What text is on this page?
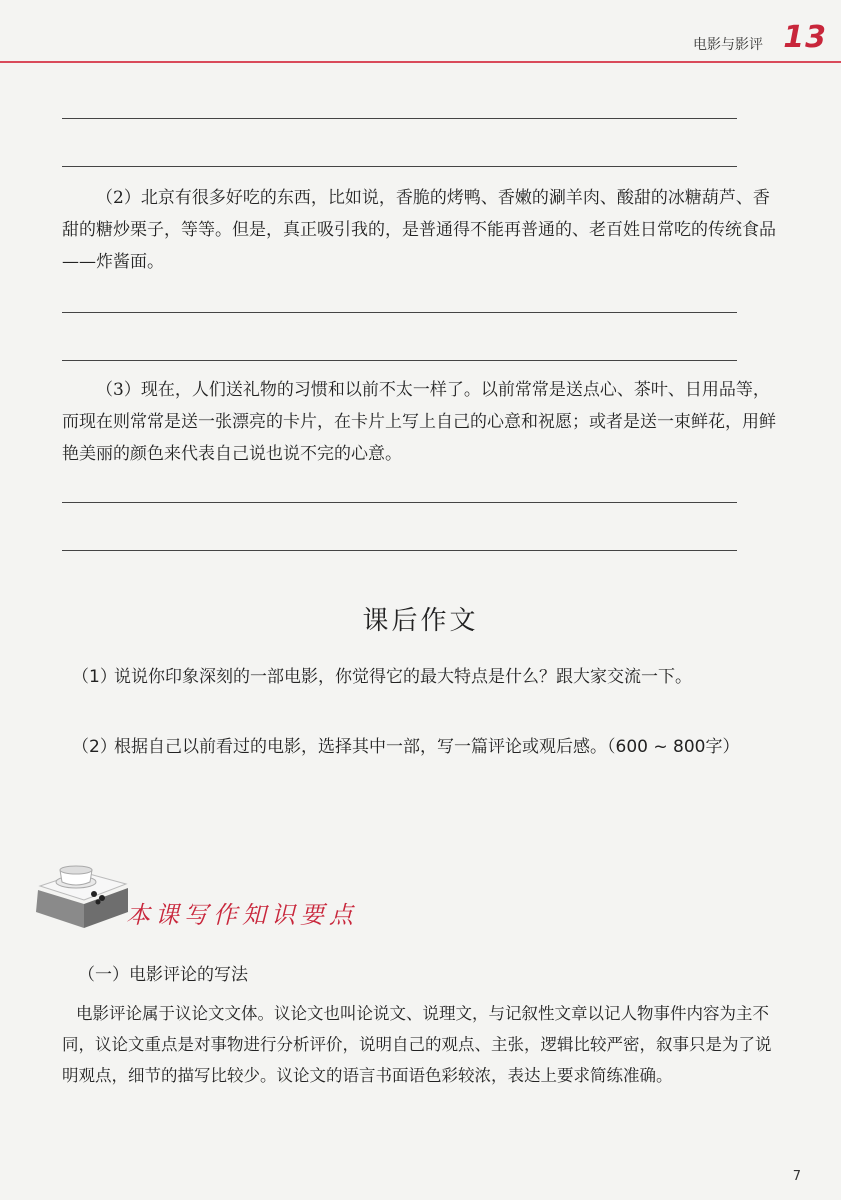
电影与影评 13

（2）北京有很多好吃的东西，比如说，香脆的烤鸭、香嫩的涮羊肉、酸甜的冰糖葫芦、香甜的糖炒栗子，等等。但是，真正吸引我的，是普通得不能再普通的、老百姓日常吃的传统食品——炸酱面。

（3）现在，人们送礼物的习惯和以前不太一样了。以前常常是送点心、茶叶、日用品等，而现在则常常是送一张漂亮的卡片，在卡片上写上自己的心意和祝愿；或者是送一束鲜花，用鲜艳美丽的颜色来代表自己说也说不完的心意。

课后作文
（1）
说说你印象深刻的一部电影，你觉得它的最大特点是什么？跟大家交流一下。
（2）
根据自己以前看过的电影，选择其中一部，写一篇评论或观后感。（600 ~ 800字）
本课写作知识要点
（一）电影评论的写法

电影评论属于议论文文体。议论文也叫论说文、说理文，与记叙性文章以记人物事件内容为主不同，议论文重点是对事物进行分析评价，说明自己的观点、主张，逻辑比较严密，叙事只是为了说明观点，细节的描写比较少。议论文的语言书面语色彩较浓，表达上要求简练准确。

7
